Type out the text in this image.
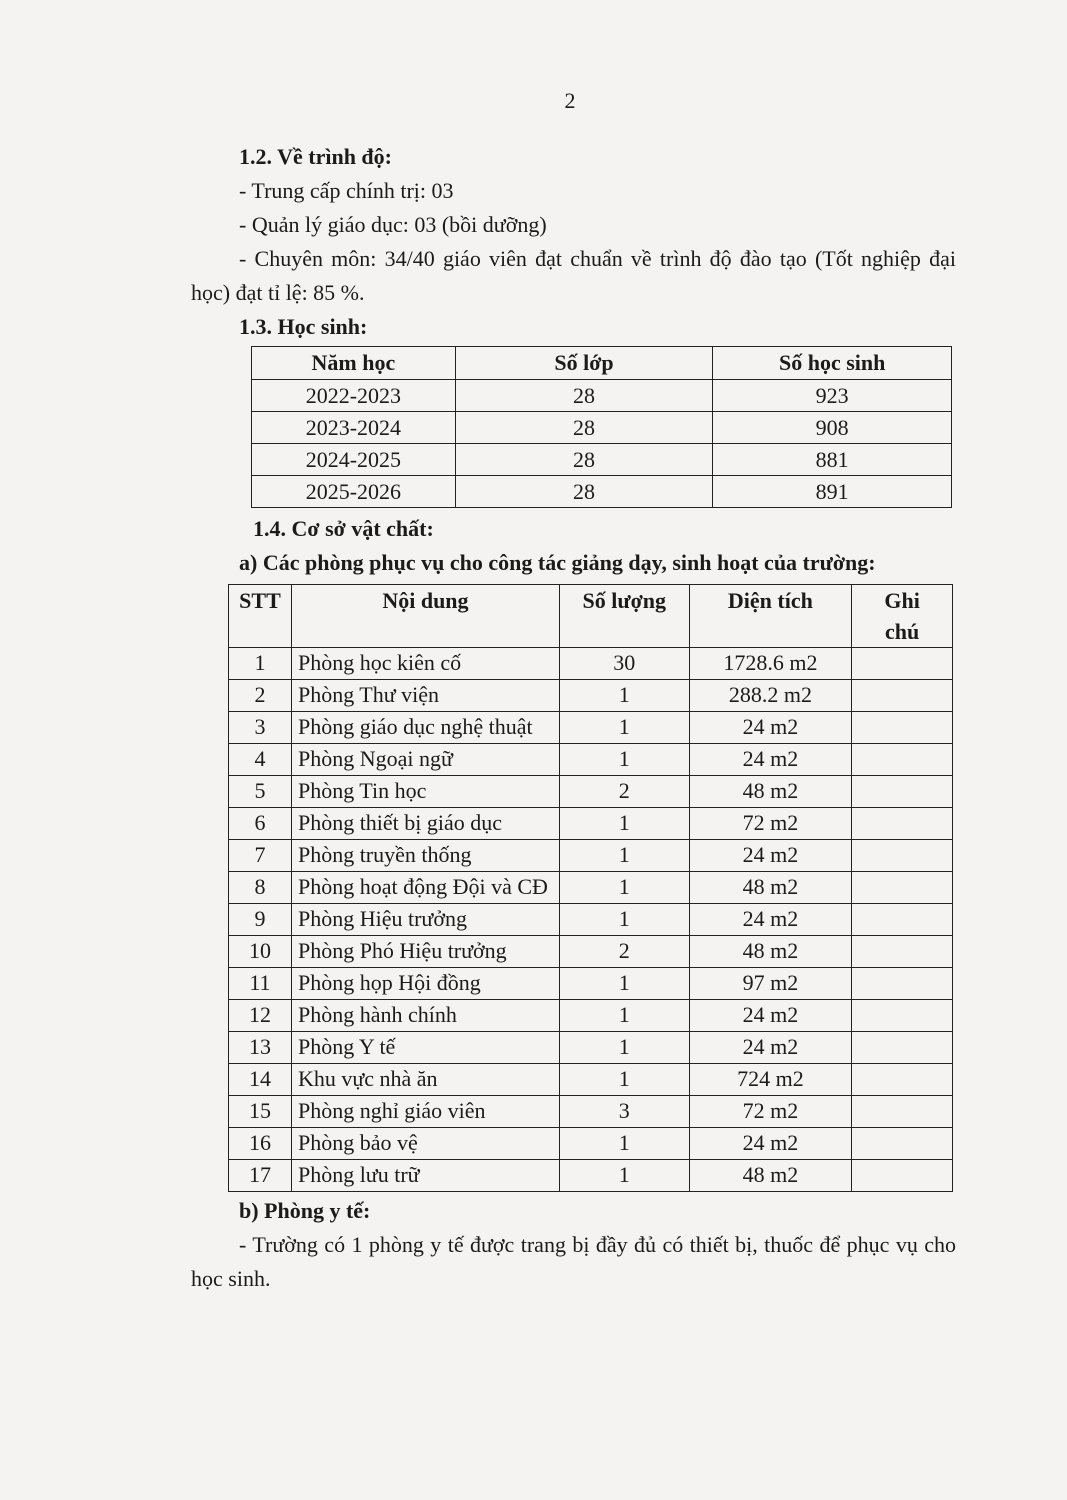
2
1.2. Về trình độ:
- Trung cấp chính trị: 03
- Quản lý giáo dục: 03 (bồi dưỡng)
- Chuyên môn: 34/40 giáo viên đạt chuẩn về trình độ đào tạo (Tốt nghiệp đại học) đạt tỉ lệ: 85 %.
1.3. Học sinh:
Năm học	Số lớp	Số học sinh
2022-2023	28	923
2023-2024	28	908
2024-2025	28	881
2025-2026	28	891
1.4. Cơ sở vật chất:
a) Các phòng phục vụ cho công tác giảng dạy, sinh hoạt của trường:
STT	Nội dung	Số lượng	Diện tích	Ghi chú
1	Phòng học kiên cố	30	1728.6 m2	
2	Phòng Thư viện	1	288.2 m2	
3	Phòng giáo dục nghệ thuật	1	24 m2	
4	Phòng Ngoại ngữ	1	24 m2	
5	Phòng Tin học	2	48 m2	
6	Phòng thiết bị giáo dục	1	72 m2	
7	Phòng truyền thống	1	24 m2	
8	Phòng hoạt động Đội và CĐ	1	48 m2	
9	Phòng Hiệu trưởng	1	24 m2	
10	Phòng Phó Hiệu trưởng	2	48 m2	
11	Phòng họp Hội đồng	1	97 m2	
12	Phòng hành chính	1	24 m2	
13	Phòng Y tế	1	24 m2	
14	Khu vực nhà ăn	1	724 m2	
15	Phòng nghỉ giáo viên	3	72 m2	
16	Phòng bảo vệ	1	24 m2	
17	Phòng lưu trữ	1	48 m2	
b) Phòng y tế:
- Trường có 1 phòng y tế được trang bị đầy đủ có thiết bị, thuốc để phục vụ cho học sinh.
